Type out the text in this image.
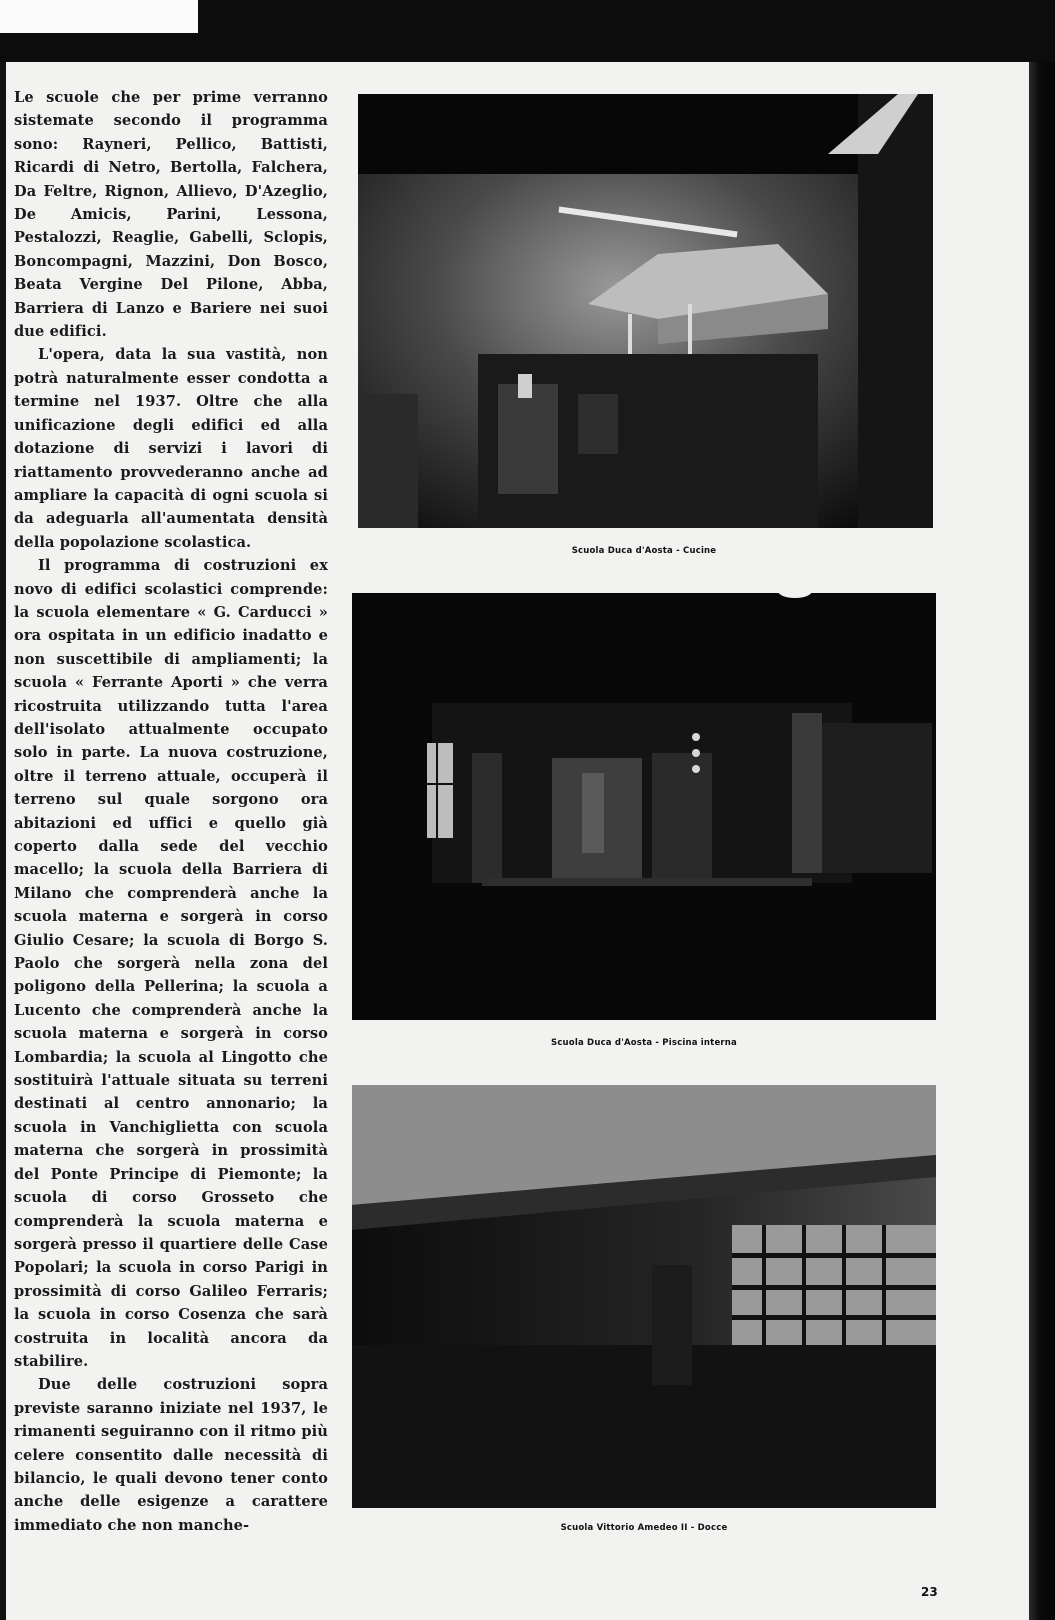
Le scuole che per prime verranno sistemate secondo il programma sono: Rayneri, Pellico, Battisti, Ricardi di Netro, Bertolla, Falchera, Da Feltre, Rignon, Allievo, D'Azeglio, De Amicis, Parini, Lessona, Pestalozzi, Reaglie, Gabelli, Sclopis, Boncompagni, Mazzini, Don Bosco, Beata Vergine Del Pilone, Abba, Barriera di Lanzo e Bariere nei suoi due edifici.

L'opera, data la sua vastità, non potrà naturalmente esser condotta a termine nel 1937. Oltre che alla unificazione degli edifici ed alla dotazione di servizi i lavori di riattamento provvederanno anche ad ampliare la capacità di ogni scuola si da adeguarla all'aumentata densità della popolazione scolastica.

Il programma di costruzioni ex novo di edifici scolastici comprende: la scuola elementare « G. Carducci » ora ospitata in un edificio inadatto e non suscettibile di ampliamenti; la scuola « Ferrante Aporti » che verra ricostruita utilizzando tutta l'area dell'isolato attualmente occupato solo in parte. La nuova costruzione, oltre il terreno attuale, occuperà il terreno sul quale sorgono ora abitazioni ed uffici e quello già coperto dalla sede del vecchio macello; la scuola della Barriera di Milano che comprenderà anche la scuola materna e sorgerà in corso Giulio Cesare; la scuola di Borgo S. Paolo che sorgerà nella zona del poligono della Pellerina; la scuola a Lucento che comprenderà anche la scuola materna e sorgerà in corso Lombardia; la scuola al Lingotto che sostituirà l'attuale situata su terreni destinati al centro annonario; la scuola in Vanchiglietta con scuola materna che sorgerà in prossimità del Ponte Principe di Piemonte; la scuola di corso Grosseto che comprenderà la scuola materna e sorgerà presso il quartiere delle Case Popolari; la scuola in corso Parigi in prossimità di corso Galileo Ferraris; la scuola in corso Cosenza che sarà costruita in località ancora da stabilire.

Due delle costruzioni sopra previste saranno iniziate nel 1937, le rimanenti seguiranno con il ritmo più celere consentito dalle necessità di bilancio, le quali devono tener conto anche delle esigenze a carattere immediato che non manche-

Scuola Duca d'Aosta - Cucine
Scuola Duca d'Aosta - Piscina interna
Scuola Vittorio Amedeo II - Docce
23
